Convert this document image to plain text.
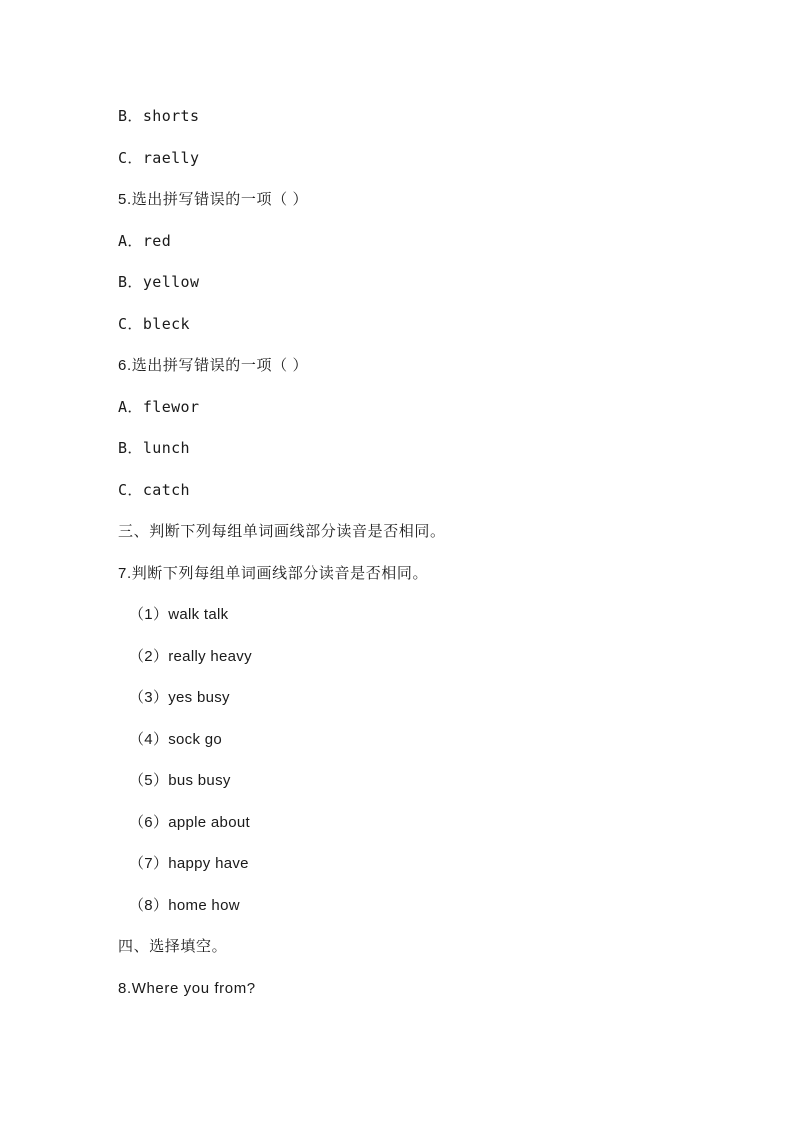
B．shorts
C．raelly
5.选出拼写错误的一项（ ）
A．red
B．yellow
C．bleck
6.选出拼写错误的一项（ ）
A．flewor
B．lunch
C．catch
三、判断下列每组单词画线部分读音是否相同。
7.判断下列每组单词画线部分读音是否相同。
（1）walk talk
（2）really heavy
（3）yes busy
（4）sock go
（5）bus busy
（6）apple about
（7）happy have
（8）home how
四、选择填空。
8.Where you from?
